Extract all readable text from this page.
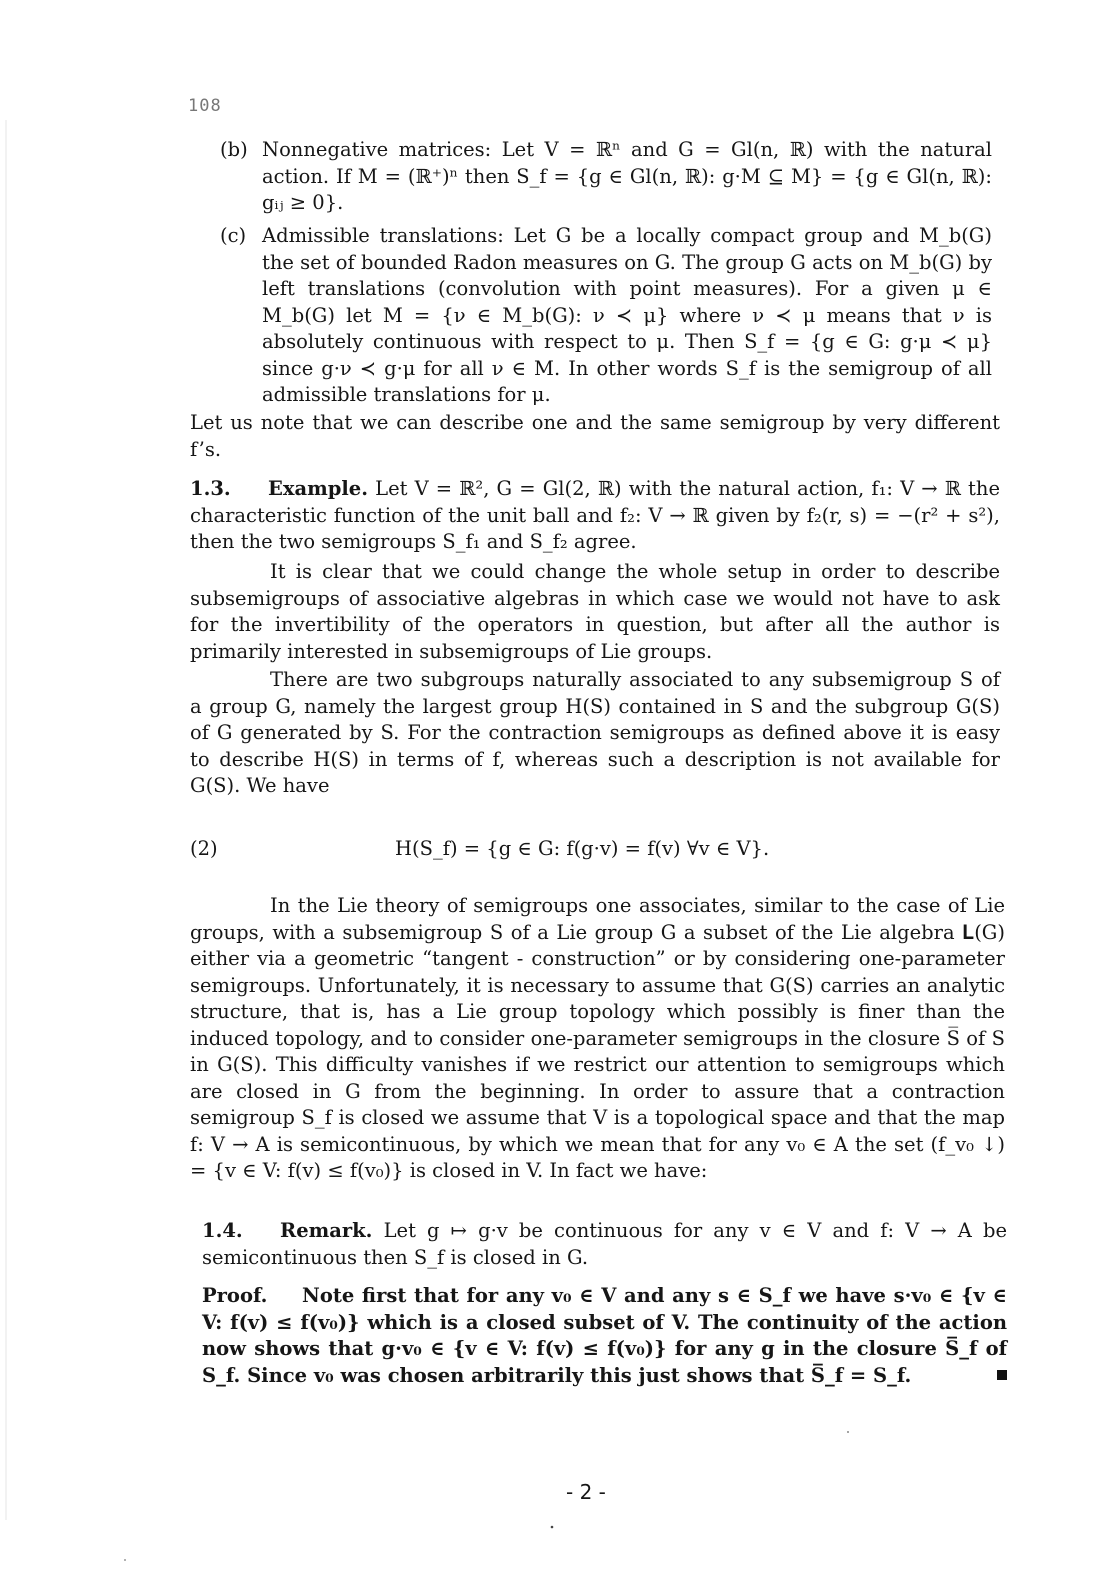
108
(b) Nonnegative matrices: Let V = ℝⁿ and G = Gl(n, ℝ) with the natural action. If M = (ℝ⁺)ⁿ then S_f = {g ∈ Gl(n, ℝ): g·M ⊆ M} = {g ∈ Gl(n, ℝ): gᵢⱼ ≥ 0}.
(c) Admissible translations: Let G be a locally compact group and M_b(G) the set of bounded Radon measures on G. The group G acts on M_b(G) by left translations (convolution with point measures). For a given μ ∈ M_b(G) let M = {ν ∈ M_b(G): ν ≺ μ} where ν ≺ μ means that ν is absolutely continuous with respect to μ. Then S_f = {g ∈ G: g·μ ≺ μ} since g·ν ≺ g·μ for all ν ∈ M. In other words S_f is the semigroup of all admissible translations for μ.
Let us note that we can describe one and the same semigroup by very different f’s.
1.3. Example. Let V = ℝ², G = Gl(2, ℝ) with the natural action, f₁: V → ℝ the characteristic function of the unit ball and f₂: V → ℝ given by f₂(r, s) = −(r² + s²), then the two semigroups S_f₁ and S_f₂ agree.
It is clear that we could change the whole setup in order to describe subsemigroups of associative algebras in which case we would not have to ask for the invertibility of the operators in question, but after all the author is primarily interested in subsemigroups of Lie groups.
There are two subgroups naturally associated to any subsemigroup S of a group G, namely the largest group H(S) contained in S and the subgroup G(S) of G generated by S. For the contraction semigroups as defined above it is easy to describe H(S) in terms of f, whereas such a description is not available for G(S). We have
(2)	H(S_f) = {g ∈ G: f(g·v) = f(v) ∀v ∈ V}.
In the Lie theory of semigroups one associates, similar to the case of Lie groups, with a subsemigroup S of a Lie group G a subset of the Lie algebra 𝐋(G) either via a geometric “tangent - construction” or by considering one-parameter semigroups. Unfortunately, it is necessary to assume that G(S) carries an analytic structure, that is, has a Lie group topology which possibly is finer than the induced topology, and to consider one-parameter semigroups in the closure S̅ of S in G(S). This difficulty vanishes if we restrict our attention to semigroups which are closed in G from the beginning. In order to assure that a contraction semigroup S_f is closed we assume that V is a topological space and that the map f: V → A is semicontinuous, by which we mean that for any v₀ ∈ A the set (f_v₀ ↓) = {v ∈ V: f(v) ≤ f(v₀)} is closed in V. In fact we have:
1.4. Remark. Let g ↦ g·v be continuous for any v ∈ V and f: V → A be semicontinuous then S_f is closed in G.
Proof. Note first that for any v₀ ∈ V and any s ∈ S_f we have s·v₀ ∈ {v ∈ V: f(v) ≤ f(v₀)} which is a closed subset of V. The continuity of the action now shows that g·v₀ ∈ {v ∈ V: f(v) ≤ f(v₀)} for any g in the closure S̅_f of S_f. Since v₀ was chosen arbitrarily this just shows that S̅_f = S_f.
- 2 -
